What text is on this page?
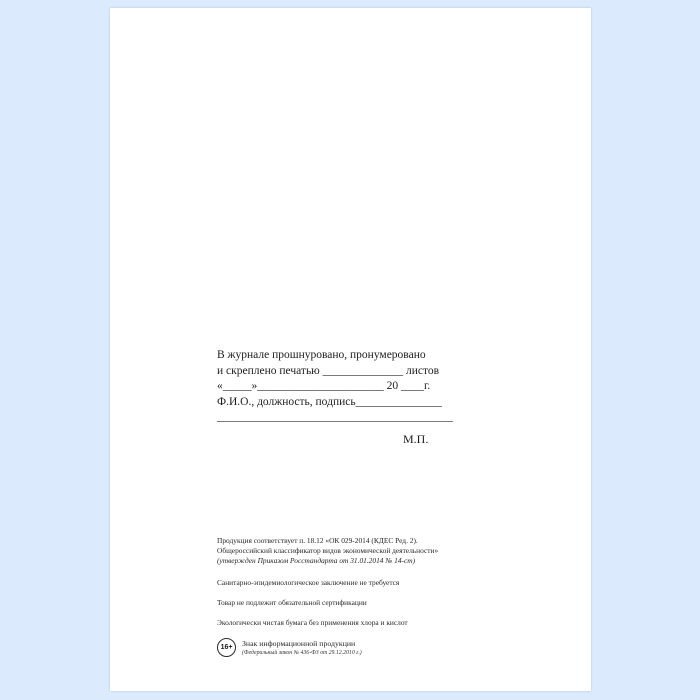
В журнале прошнуровано, пронумеровано
и скреплено печатью ______________ листов
«_____»______________________ 20 ____г.
Ф.И.О., должность, подпись_______________
_________________________________________
М.П.
Продукция соответствует п. 18.12 «ОК 029-2014 (КДЕС Ред. 2).
Общероссийский классификатор видов экономической деятельности»
(утвержден Приказом Росстандарта от 31.01.2014 № 14-ст)
Санитарно-эпидемиологическое заключение не требуется
Товар не подлежит обязательной сертификации
Экологически чистая бумага без применения хлора и кислот
16+	Знак информационной продукции
(Федеральный закон № 436-ФЗ от 29.12.2010 г.)
